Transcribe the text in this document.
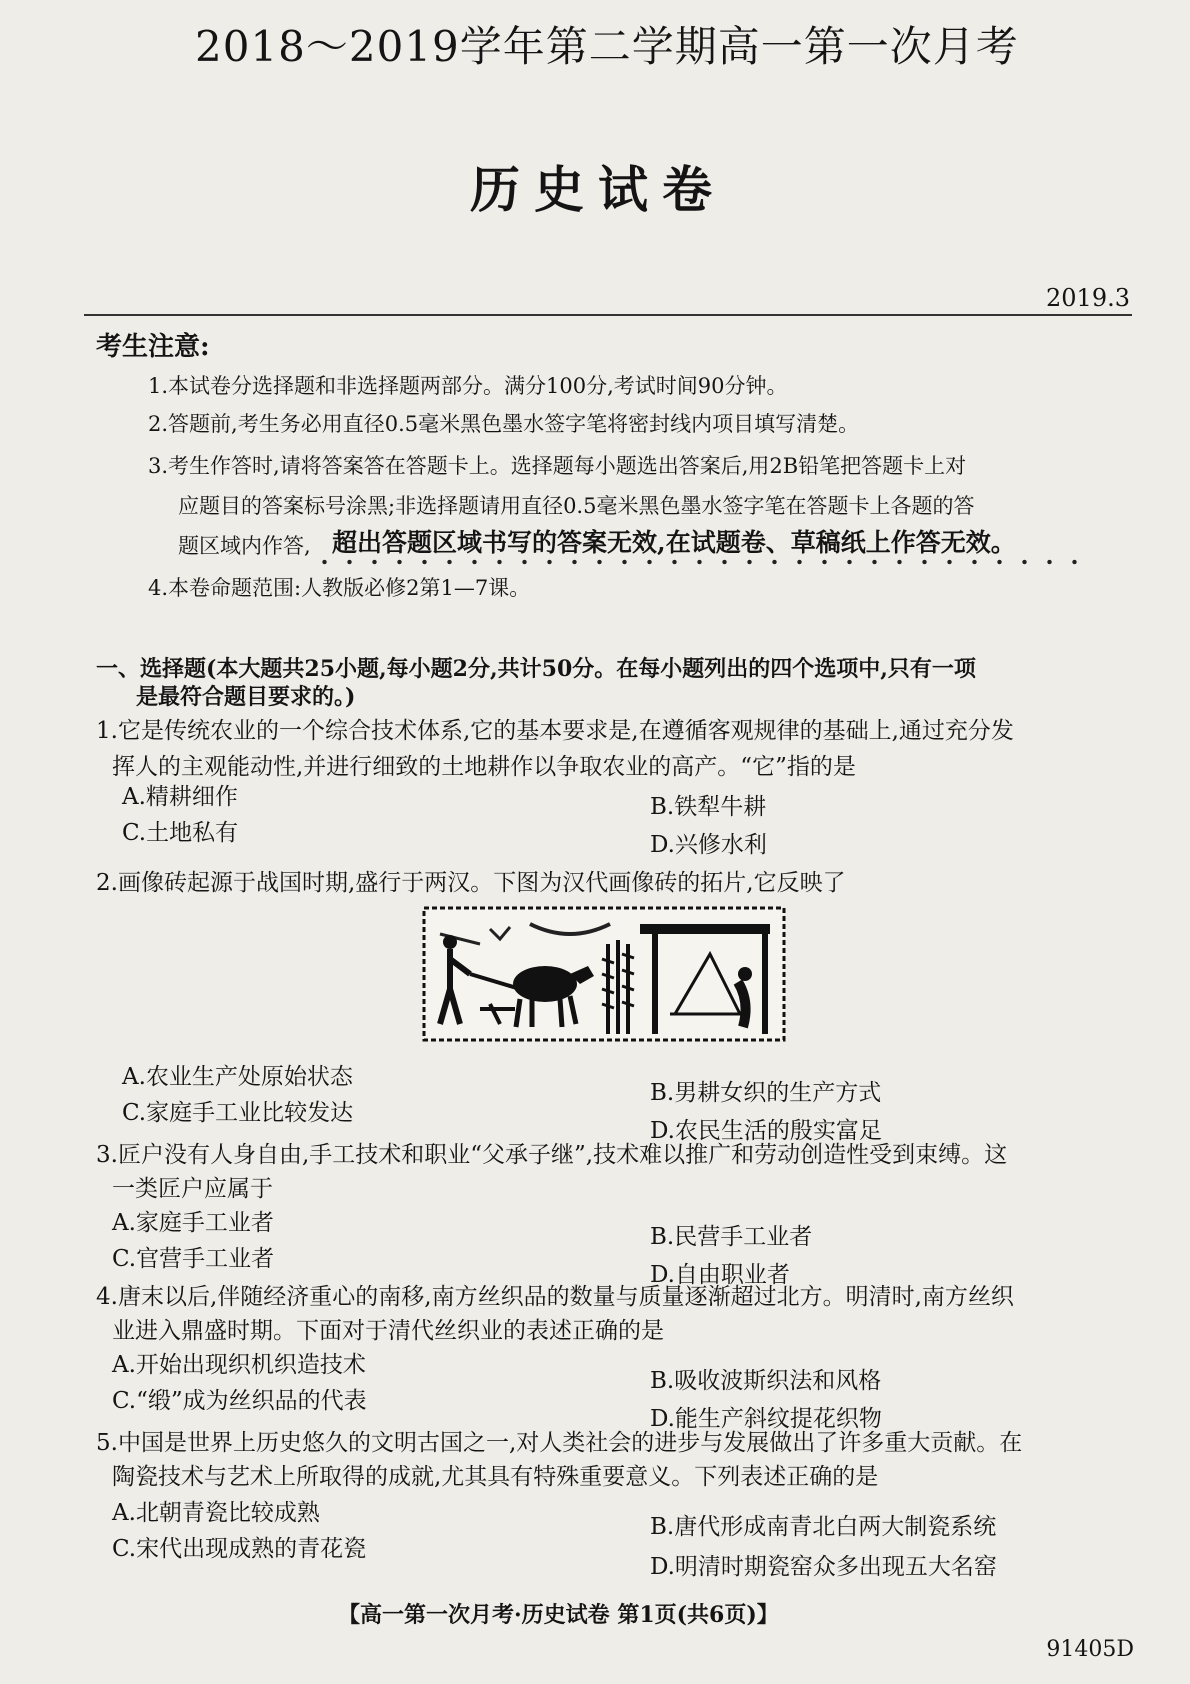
2018～2019学年第二学期高一第一次月考
历史试卷
2019.3
考生注意:
1.本试卷分选择题和非选择题两部分。满分100分,考试时间90分钟。
2.答题前,考生务必用直径0.5毫米黑色墨水签字笔将密封线内项目填写清楚。
3.考生作答时,请将答案答在答题卡上。选择题每小题选出答案后,用2B铅笔把答题卡上对
应题目的答案标号涂黑;非选择题请用直径0.5毫米黑色墨水签字笔在答题卡上各题的答
题区域内作答, 超出答题区域书写的答案无效,在试题卷、草稿纸上作答无效。
4.本卷命题范围:人教版必修2第1—7课。
一、选择题(本大题共25小题,每小题2分,共计50分。在每小题列出的四个选项中,只有一项
是最符合题目要求的。)
1.它是传统农业的一个综合技术体系,它的基本要求是,在遵循客观规律的基础上,通过充分发
挥人的主观能动性,并进行细致的土地耕作以争取农业的高产。“它”指的是
A.精耕细作	B.铁犁牛耕
C.土地私有	D.兴修水利
2.画像砖起源于战国时期,盛行于两汉。下图为汉代画像砖的拓片,它反映了
A.农业生产处原始状态
B.男耕女织的生产方式
C.家庭手工业比较发达
D.农民生活的殷实富足
3.匠户没有人身自由,手工技术和职业“父承子继”,技术难以推广和劳动创造性受到束缚。这
一类匠户应属于
A.家庭手工业者
B.民营手工业者
C.官营手工业者
D.自由职业者
4.唐末以后,伴随经济重心的南移,南方丝织品的数量与质量逐渐超过北方。明清时,南方丝织
业进入鼎盛时期。下面对于清代丝织业的表述正确的是
A.开始出现织机织造技术
B.吸收波斯织法和风格
C.“缎”成为丝织品的代表
D.能生产斜纹提花织物
5.中国是世界上历史悠久的文明古国之一,对人类社会的进步与发展做出了许多重大贡献。在
陶瓷技术与艺术上所取得的成就,尤其具有特殊重要意义。下列表述正确的是
A.北朝青瓷比较成熟
B.唐代形成南青北白两大制瓷系统
C.宋代出现成熟的青花瓷
D.明清时期瓷窑众多出现五大名窑
【高一第一次月考·历史试卷 第1页(共6页)】
91405D
